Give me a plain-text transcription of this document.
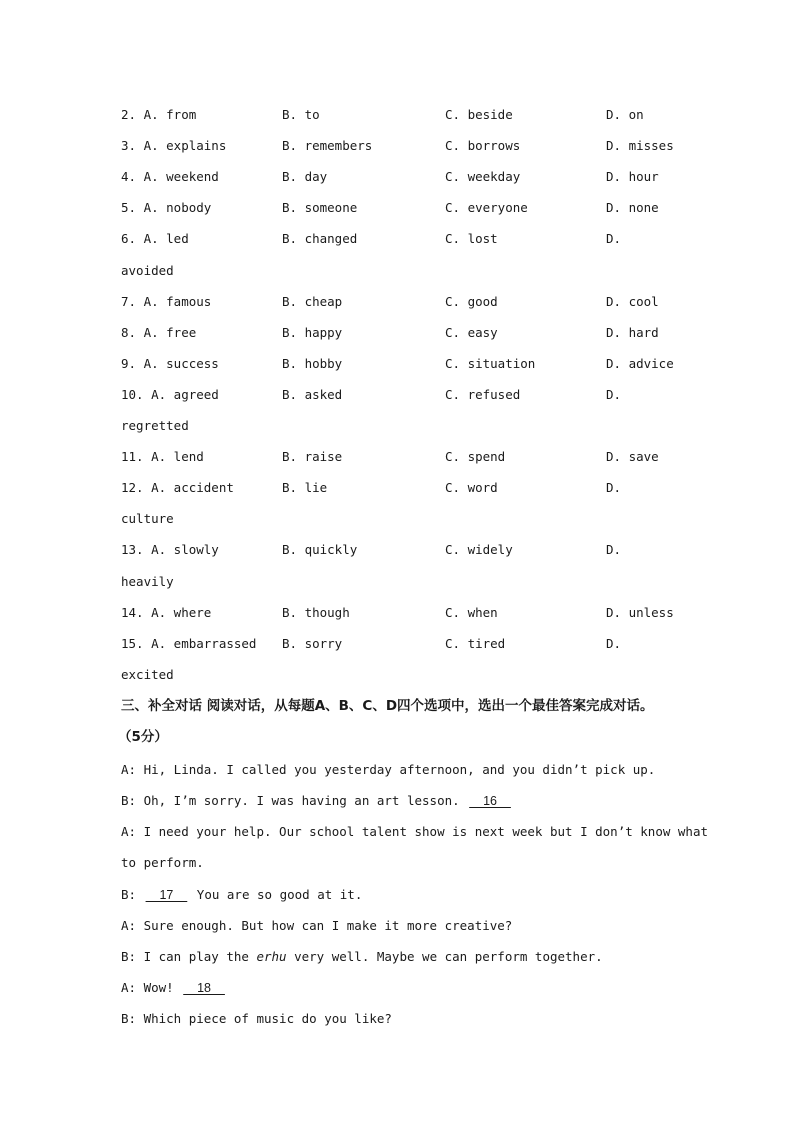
2. A. from	B. to	C. beside	D. on
3. A. explains	B. remembers	C. borrows	D. misses
4. A. weekend	B. day	C. weekday	D. hour
5. A. nobody	B. someone	C. everyone	D. none
6. A. led	B. changed	C. lost	D.
avoided
7. A. famous	B. cheap	C. good	D. cool
8. A. free	B. happy	C. easy	D. hard
9. A. success	B. hobby	C. situation	D. advice
10. A. agreed	B. asked	C. refused	D.
regretted
11. A. lend	B. raise	C. spend	D. save
12. A. accident	B. lie	C. word	D.
culture
13. A. slowly	B. quickly	C. widely	D.
heavily
14. A. where	B. though	C. when	D. unless
15. A. embarrassed B. sorry	C. tired	D.
excited
三、补全对话 阅读对话，从每题A、B、C、D四个选项中，选出一个最佳答案完成对话。
（5分）
A: Hi, Linda. I called you yesterday afternoon, and you didn’t pick up.
B: Oh, I’m sorry. I was having an art lesson.     16
A: I need your help. Our school talent show is next week but I don’t know what
to perform.
B:     17     You are so good at it.
A: Sure enough. But how can I make it more creative?
B: I can play the erhu very well. Maybe we can perform together.
A: Wow!     18
B: Which piece of music do you like?
